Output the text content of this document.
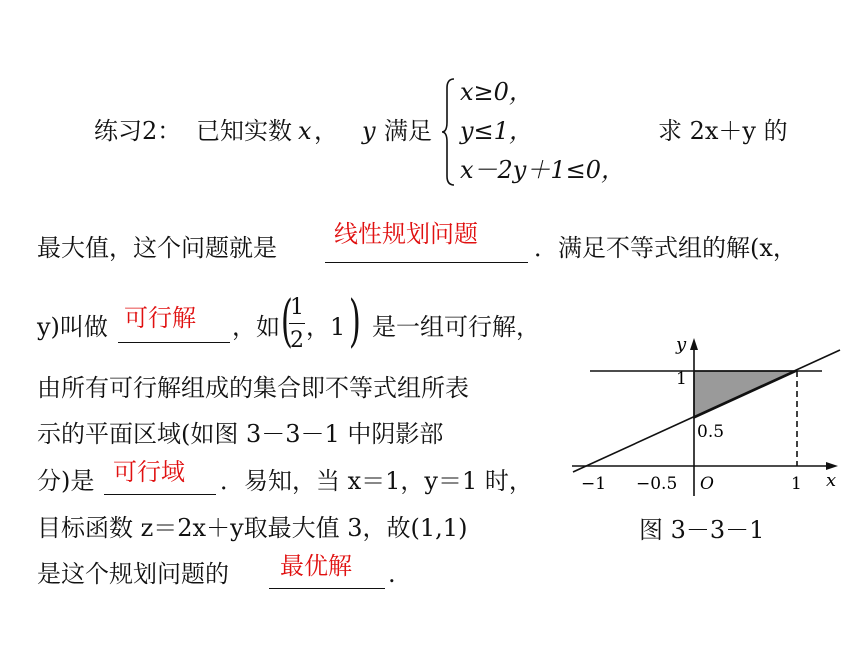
练习2： 已知实数 x ， y 满足
x≥0，
y≤1，
x－2y＋1≤0，
求 2x＋y 的
最大值，这个问题就是 线性规划问题 ．满足不等式组的解(x，
y)叫做 可行解 ，如 (
1
2 ，1 ) 是一组可行解，
由所有可行解组成的集合即不等式组所表
示的平面区域(如图 3－3－1 中阴影部
分)是 可行域 ．易知，当 x＝1，y＝1 时，
目标函数 z＝2x＋y取最大值 3，故(1,1)
是这个规划问题的 最优解 .
y
x
1
0.5
−1 −0.5 O	1
图 3－3－1
